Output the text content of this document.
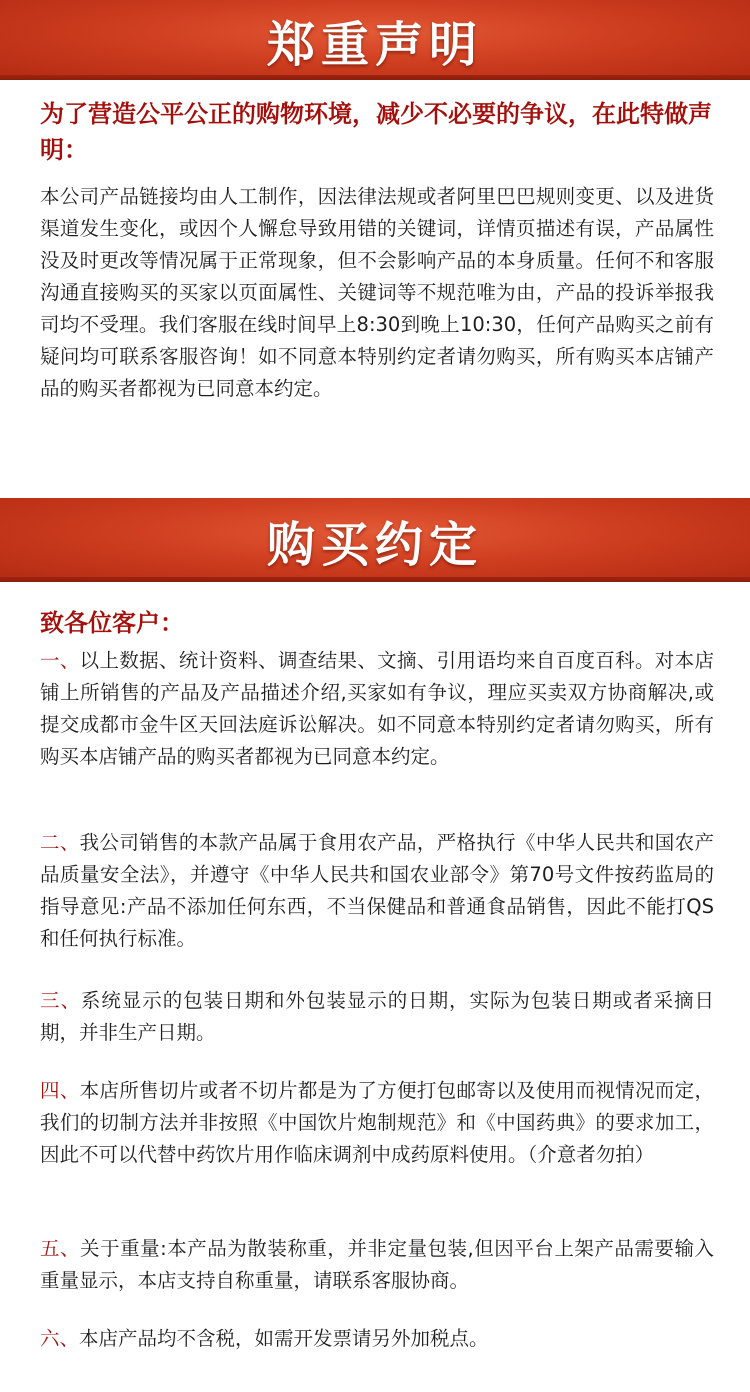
郑重声明
为了营造公平公正的购物环境，减少不必要的争议，在此特做声明：
本公司产品链接均由人工制作，因法律法规或者阿里巴巴规则变更、以及进货渠道发生变化，或因个人懈怠导致用错的关键词，详情页描述有误，产品属性没及时更改等情况属于正常现象，但不会影响产品的本身质量。任何不和客服沟通直接购买的买家以页面属性、关键词等不规范唯为由，产品的投诉举报我司均不受理。我们客服在线时间早上8:30到晚上10:30，任何产品购买之前有疑问均可联系客服咨询！如不同意本特别约定者请勿购买，所有购买本店铺产品的购买者都视为已同意本约定。
购买约定
致各位客户：
一、以上数据、统计资料、调查结果、文摘、引用语均来自百度百科。对本店铺上所销售的产品及产品描述介绍,买家如有争议，理应买卖双方协商解决,或提交成都市金牛区天回法庭诉讼解决。如不同意本特别约定者请勿购买，所有购买本店铺产品的购买者都视为已同意本约定。
二、我公司销售的本款产品属于食用农产品，严格执行《中华人民共和国农产品质量安全法》，并遵守《中华人民共和国农业部令》第70号文件按药监局的指导意见:产品不添加任何东西，不当保健品和普通食品销售，因此不能打QS和任何执行标准。
三、系统显示的包装日期和外包装显示的日期，实际为包装日期或者采摘日期，并非生产日期。
四、本店所售切片或者不切片都是为了方便打包邮寄以及使用而视情况而定，我们的切制方法并非按照《中国饮片炮制规范》和《中国药典》的要求加工，因此不可以代替中药饮片用作临床调剂中成药原料使用。（介意者勿拍）
五、关于重量:本产品为散装称重，并非定量包装,但因平台上架产品需要输入重量显示，本店支持自称重量，请联系客服协商。
六、本店产品均不含税，如需开发票请另外加税点。
